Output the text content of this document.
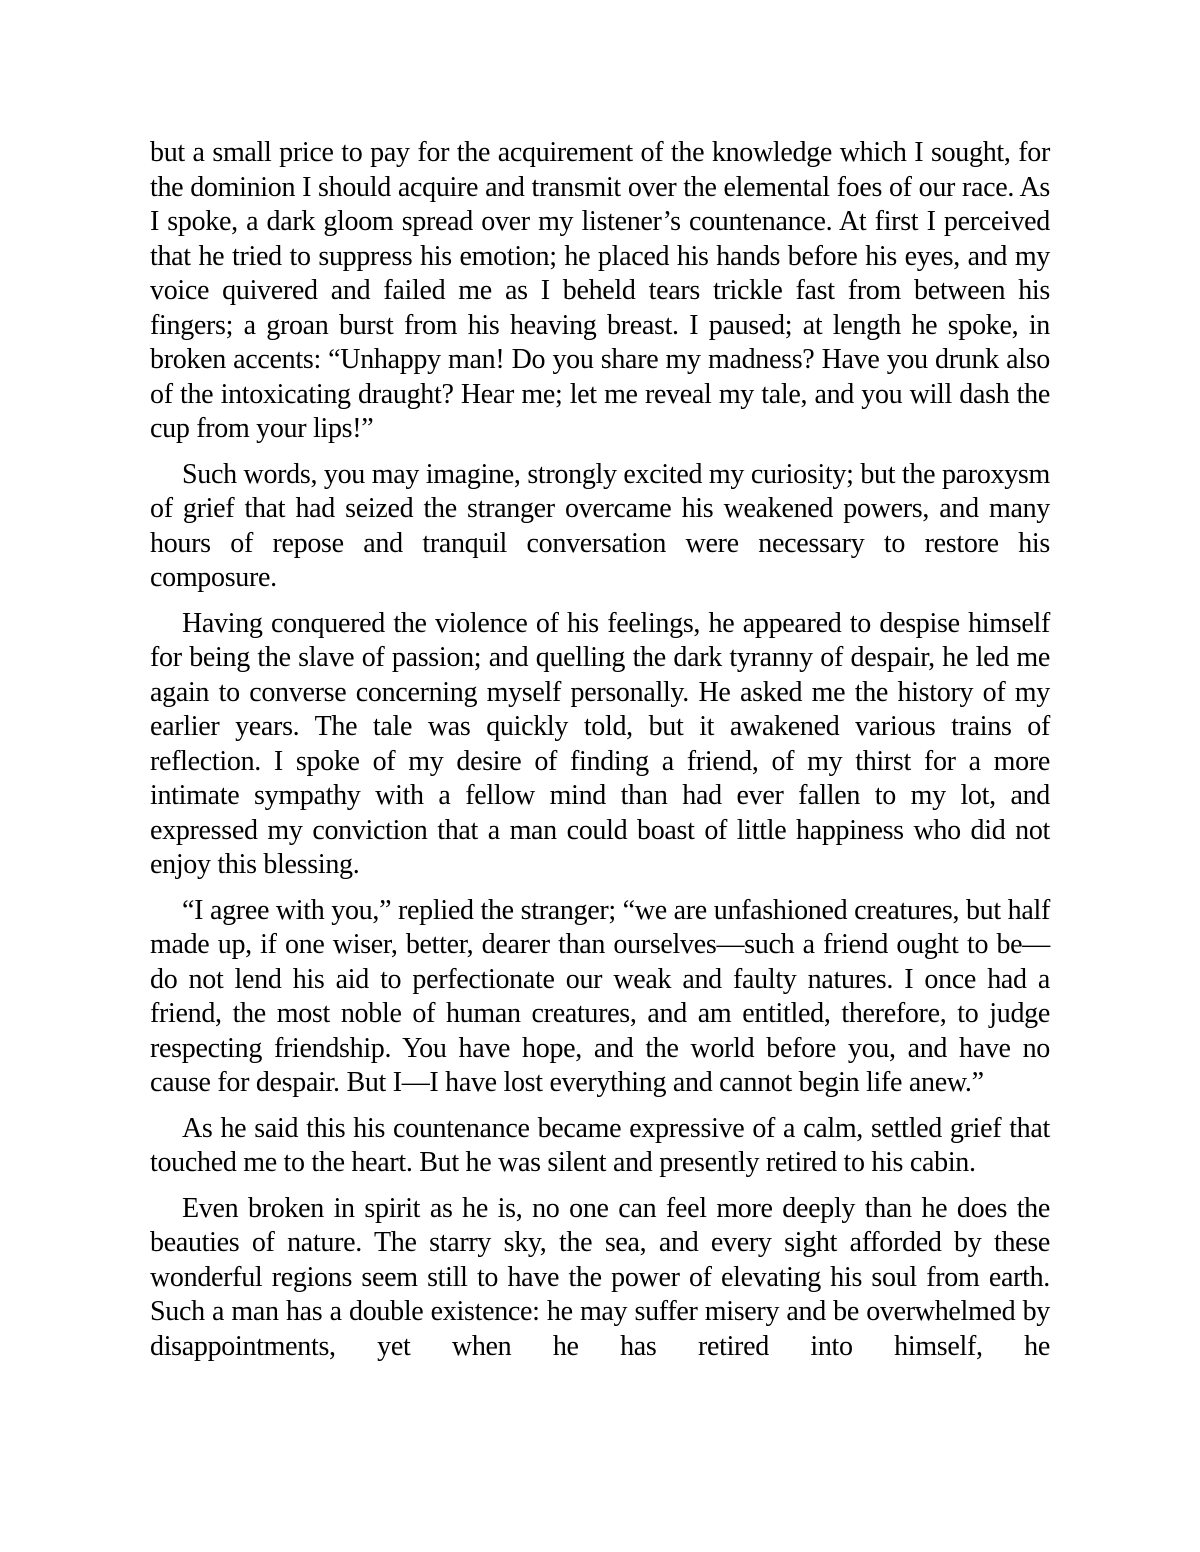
but a small price to pay for the acquirement of the knowledge which I sought, for the dominion I should acquire and transmit over the elemental foes of our race. As I spoke, a dark gloom spread over my listener’s countenance. At first I perceived that he tried to suppress his emotion; he placed his hands before his eyes, and my voice quivered and failed me as I beheld tears trickle fast from between his fingers; a groan burst from his heaving breast. I paused; at length he spoke, in broken accents: “Unhappy man! Do you share my madness? Have you drunk also of the intoxicating draught? Hear me; let me reveal my tale, and you will dash the cup from your lips!”

Such words, you may imagine, strongly excited my curiosity; but the paroxysm of grief that had seized the stranger overcame his weakened powers, and many hours of repose and tranquil conversation were necessary to restore his composure.

Having conquered the violence of his feelings, he appeared to despise himself for being the slave of passion; and quelling the dark tyranny of despair, he led me again to converse concerning myself personally. He asked me the history of my earlier years. The tale was quickly told, but it awakened various trains of reflection. I spoke of my desire of finding a friend, of my thirst for a more intimate sympathy with a fellow mind than had ever fallen to my lot, and expressed my conviction that a man could boast of little happiness who did not enjoy this blessing.

“I agree with you,” replied the stranger; “we are unfashioned creatures, but half made up, if one wiser, better, dearer than ourselves—such a friend ought to be—do not lend his aid to perfectionate our weak and faulty natures. I once had a friend, the most noble of human creatures, and am entitled, therefore, to judge respecting friendship. You have hope, and the world before you, and have no cause for despair. But I—I have lost everything and cannot begin life anew.”

As he said this his countenance became expressive of a calm, settled grief that touched me to the heart. But he was silent and presently retired to his cabin.

Even broken in spirit as he is, no one can feel more deeply than he does the beauties of nature. The starry sky, the sea, and every sight afforded by these wonderful regions seem still to have the power of elevating his soul from earth. Such a man has a double existence: he may suffer misery and be overwhelmed by disappointments, yet when he has retired into himself, he
